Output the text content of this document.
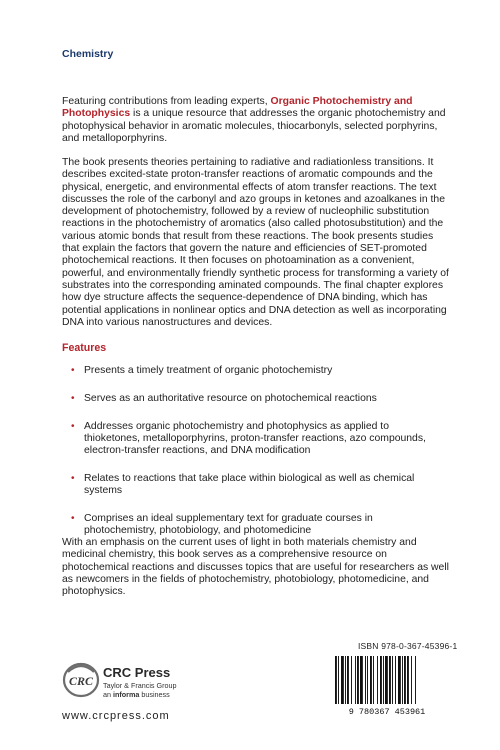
Chemistry

Featuring contributions from leading experts, Organic Photochemistry and Photophysics is a unique resource that addresses the organic photochemistry and photophysical behavior in aromatic molecules, thiocarbonyls, selected porphyrins, and metalloporphyrins.

The book presents theories pertaining to radiative and radiationless transitions. It describes excited-state proton-transfer reactions of aromatic compounds and the physical, energetic, and environmental effects of atom transfer reactions. The text discusses the role of the carbonyl and azo groups in ketones and azoalkanes in the development of photochemistry, followed by a review of nucleophilic substitution reactions in the photochemistry of aromatics (also called photosubstitution) and the various atomic bonds that result from these reactions. The book presents studies that explain the factors that govern the nature and efficiencies of SET-promoted photochemical reactions. It then focuses on photoamination as a convenient, powerful, and environmentally friendly synthetic process for transforming a variety of substrates into the corresponding aminated compounds. The final chapter explores how dye structure affects the sequence-dependence of DNA binding, which has potential applications in nonlinear optics and DNA detection as well as incorporating DNA into various nanostructures and devices.

Features
• Presents a timely treatment of organic photochemistry
• Serves as an authoritative resource on photochemical reactions
• Addresses organic photochemistry and photophysics as applied to thioketones, metalloporphyrins, proton-transfer reactions, azo compounds, electron-transfer reactions, and DNA modification
• Relates to reactions that take place within biological as well as chemical systems
• Comprises an ideal supplementary text for graduate courses in photochemistry, photobiology, and photomedicine

With an emphasis on the current uses of light in both materials chemistry and medicinal chemistry, this book serves as a comprehensive resource on photochemical reactions and discusses topics that are useful for researchers as well as newcomers in the fields of photochemistry, photobiology, photomedicine, and photophysics.

ISBN 978-0-367-45396-1
9 780367 453961
CRC
CRC Press
Taylor & Francis Group
an informa business
www.crcpress.com
